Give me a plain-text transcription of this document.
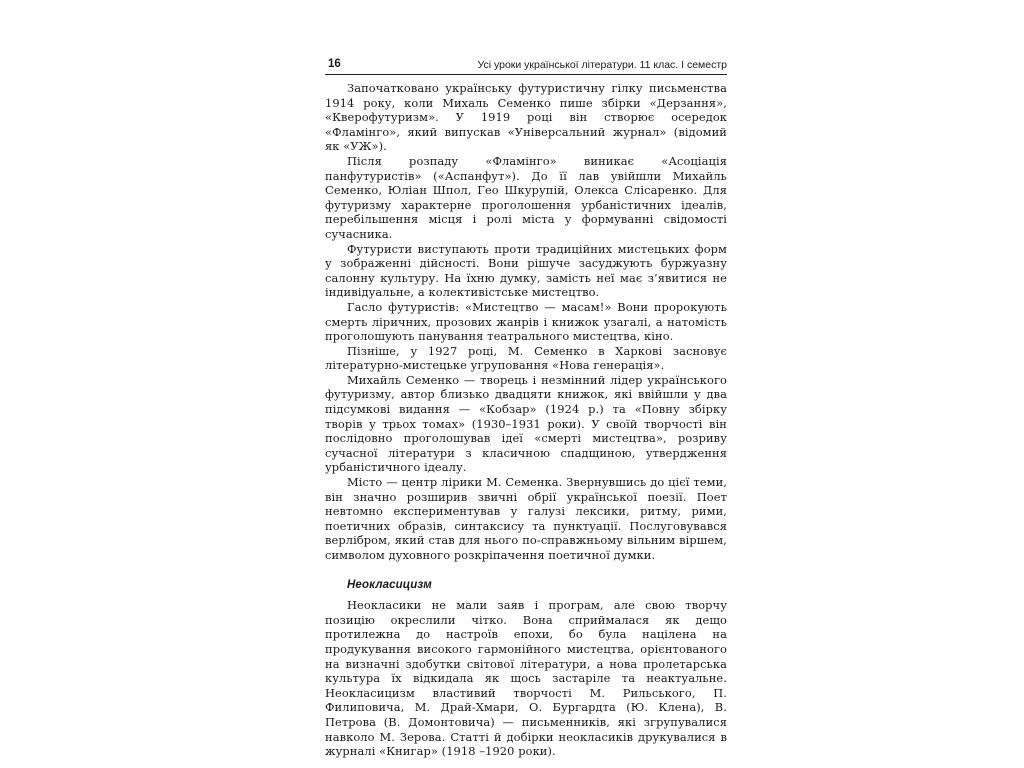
16	Усі уроки української літератури. 11 клас. І семестр

Започатковано українську футуристичну гілку письменства 1914 року, коли Михаль Семенко пише збірки «Дерзання», «Кверофутуризм». У 1919 році він створює осередок «Фламінго», який випускав «Універсальний журнал» (відомий як «УЖ»).

Після розпаду «Фламінго» виникає «Асоціація панфутуристів» («Аспанфут»). До її лав увійшли Михайль Семенко, Юліан Шпол, Гео Шкурупій, Олекса Слісаренко. Для футуризму характерне проголошення урбаністичних ідеалів, перебільшення місця і ролі міста у формуванні свідомості сучасника.

Футуристи виступають проти традиційних мистецьких форм у зображенні дійсності. Вони рішуче засуджують буржуазну салонну культуру. На їхню думку, замість неї має з’явитися не індивідуальне, а колективістське мистецтво.

Гасло футуристів: «Мистецтво — масам!» Вони пророкують смерть ліричних, прозових жанрів і книжок узагалі, а натомість проголошують панування театрального мистецтва, кіно.

Пізніше, у 1927 році, М. Семенко в Харкові засновує літературно-мистецьке угруповання «Нова генерація».

Михайль Семенко — творець і незмінний лідер українського футуризму, автор близько двадцяти книжок, які ввійшли у два підсумкові видання — «Кобзар» (1924 р.) та «Повну збірку творів у трьох томах» (1930–1931 роки). У своїй творчості він послідовно проголошував ідеї «смерті мистецтва», розриву сучасної літератури з класичною спадщиною, утвердження урбаністичного ідеалу.

Місто — центр лірики М. Семенка. Звернувшись до цієї теми, він значно розширив звичні обрії української поезії. Поет невтомно експериментував у галузі лексики, ритму, рими, поетичних образів, синтаксису та пунктуації. Послуговувався верлібром, який став для нього по-справжньому вільним віршем, символом духовного розкріпачення поетичної думки.

Неокласицизм

Неокласики не мали заяв і програм, але свою творчу позицію окреслили чітко. Вона сприймалася як дещо протилежна до настроїв епохи, бо була націлена на продукування високого гармонійного мистецтва, орієнтованого на визначні здобутки світової літератури, а нова пролетарська культура їх відкидала як щось застаріле та неактуальне. Неокласицизм властивий творчості М. Рильського, П. Филиповича, М. Драй-Хмари, О. Бургардта (Ю. Клена), В. Петрова (В. Домонтовича) — письменників, які згрупувалися навколо М. Зерова. Статті й добірки неокласиків друкувалися в журналі «Книгар» (1918 –1920 роки).
